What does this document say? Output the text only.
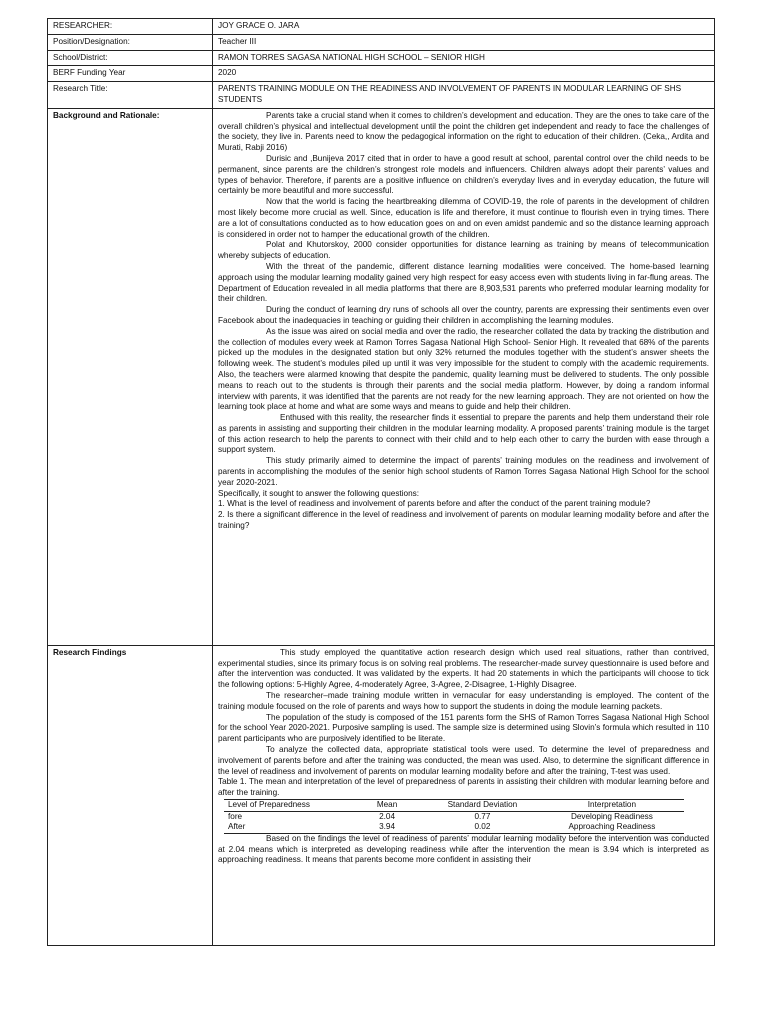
RESEARCHER:	JOY GRACE O. JARA
Position/Designation:	Teacher III
School/District:	RAMON TORRES SAGASA NATIONAL HIGH SCHOOL – SENIOR HIGH
BERF Funding Year	2020
Research Title:	PARENTS TRAINING MODULE ON THE READINESS AND INVOLVEMENT OF PARENTS IN MODULAR LEARNING OF SHS STUDENTS
Background and Rationale:	Parents take a crucial stand when it comes to children’s development and education. They are the ones to take care of the overall children’s physical and intellectual development until the point the children get independent and ready to face the challenges of the society, they live in. Parents need to know the pedagogical information on the right to education of their children. (Ceka,, Ardita and Murati, Rabji 2016)

Durisic and ,Bunijeva 2017 cited that in order to have a good result at school, parental control over the child needs to be permanent, since parents are the children’s strongest role models and influencers. Children always adopt their parents’ values and types of behavior. Therefore, if parents are a positive influence on children’s everyday lives and in everyday education, the future will certainly be more beautiful and more successful.

Now that the world is facing the heartbreaking dilemma of COVID-19, the role of parents in the development of children most likely become more crucial as well. Since, education is life and therefore, it must continue to flourish even in trying times. There are a lot of consultations conducted as to how education goes on and on even amidst pandemic and so the distance learning approach is considered in order not to hamper the educational growth of the children.

Polat and Khutorskoy, 2000 consider opportunities for distance learning as training by means of telecommunication whereby subjects of education.

With the threat of the pandemic, different distance learning modalities were conceived. The home-based learning approach using the modular learning modality gained very high respect for easy access even with students living in far-flung areas. The Department of Education revealed in all media platforms that there are 8,903,531 parents who preferred modular learning modality for their children.

During the conduct of learning dry runs of schools all over the country, parents are expressing their sentiments even over Facebook about the inadequacies in teaching or guiding their children in accomplishing the learning modules.

As the issue was aired on social media and over the radio, the researcher collated the data by tracking the distribution and the collection of modules every week at Ramon Torres Sagasa National High School- Senior High. It revealed that 68% of the parents picked up the modules in the designated station but only 32% returned the modules together with the student’s answer sheets the following week. The student’s modules piled up until it was very impossible for the student to comply with the academic requirements. Also, the teachers were alarmed knowing that despite the pandemic, quality learning must be delivered to students. The only possible means to reach out to the students is through their parents and the social media platform. However, by doing a random informal interview with parents, it was identified that the parents are not ready for the new learning approach. They are not oriented on how the learning took place at home and what are some ways and means to guide and help their children.

Enthused with this reality, the researcher finds it essential to prepare the parents and help them understand their role as parents in assisting and supporting their children in the modular learning modality. A proposed parents’ training module is the target of this action research to help the parents to connect with their child and to help each other to carry the burden with ease through a support system.

This study primarily aimed to determine the impact of parents’ training modules on the readiness and involvement of parents in accomplishing the modules of the senior high school students of Ramon Torres Sagasa National High School for the school year 2020-2021.

Specifically, it sought to answer the following questions:

1. What is the level of readiness and involvement of parents before and after the conduct of the parent training module?

2. Is there a significant difference in the level of readiness and involvement of parents on modular learning modality before and after the training?

Research Findings	This study employed the quantitative action research design which used real situations, rather than contrived, experimental studies, since its primary focus is on solving real problems. The researcher-made survey questionnaire is used before and after the intervention was conducted. It was validated by the experts. It had 20 statements in which the participants will choose to tick the following options: 5-Highly Agree, 4-moderately Agree, 3-Agree, 2-Disagree, 1-Highly Disagree.

The researcher–made training module written in vernacular for easy understanding is employed. The content of the training module focused on the role of parents and ways how to support the students in doing the module learning packets.

The population of the study is composed of the 151 parents form the SHS of Ramon Torres Sagasa National High School for the school Year 2020-2021. Purposive sampling is used. The sample size is determined using Slovin’s formula which resulted in 110 parent participants who are purposively identified to be literate.

To analyze the collected data, appropriate statistical tools were used. To determine the level of preparedness and involvement of parents before and after the training was conducted, the mean was used. Also, to determine the significant difference in the level of readiness and involvement of parents on modular learning modality before and after the training, T-test was used.

Table 1. The mean and interpretation of the level of preparedness of parents in assisting their children with modular learning before and after the training.

Level of Preparedness	Mean	Standard Deviation	Interpretation
fore	2.04	0.77	Developing Readiness
After	3.94	0.02	Approaching Readiness

Based on the findings the level of readiness of parents’ modular learning modality before the intervention was conducted at 2.04 means which is interpreted as developing readiness while after the intervention the mean is 3.94 which is interpreted as approaching readiness. It means that parents become more confident in assisting their
